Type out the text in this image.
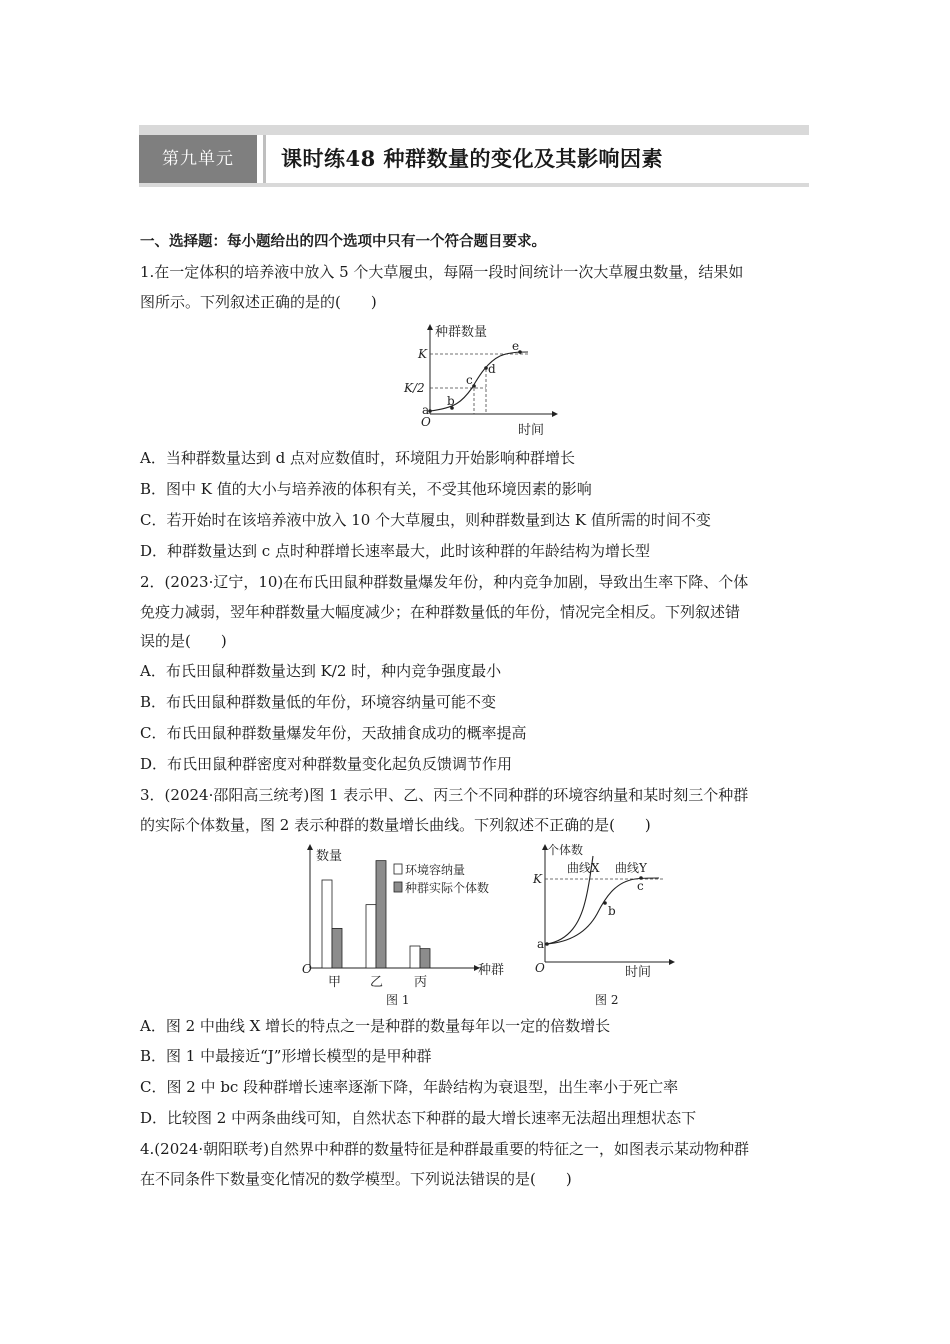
第九单元	课时练48 种群数量的变化及其影响因素
一、选择题：每小题给出的四个选项中只有一个符合题目要求。
1.在一定体积的培养液中放入 5 个大草履虫，每隔一段时间统计一次大草履虫数量，结果如
图所示。下列叙述正确的是的(　　)
种群数量
时间
O
K
K/2
a
b
c
d
e
A．当种群数量达到 d 点对应数值时，环境阻力开始影响种群增长
B．图中 K 值的大小与培养液的体积有关，不受其他环境因素的影响
C．若开始时在该培养液中放入 10 个大草履虫，则种群数量到达 K 值所需的时间不变
D．种群数量达到 c 点时种群增长速率最大，此时该种群的年龄结构为增长型
2．(2023·辽宁，10)在布氏田鼠种群数量爆发年份，种内竞争加剧，导致出生率下降、个体
免疫力减弱，翌年种群数量大幅度减少；在种群数量低的年份，情况完全相反。下列叙述错
误的是(　　)
A．布氏田鼠种群数量达到 K/2 时，种内竞争强度最小
B．布氏田鼠种群数量低的年份，环境容纳量可能不变
C．布氏田鼠种群数量爆发年份，天敌捕食成功的概率提高
D．布氏田鼠种群密度对种群数量变化起负反馈调节作用
3．(2024·邵阳高三统考)图 1 表示甲、乙、丙三个不同种群的环境容纳量和某时刻三个种群
的实际个体数量，图 2 表示种群的数量增长曲线。下列叙述不正确的是(　　)
数量
种群
O
环境容纳量
种群实际个体数
甲 乙 丙
图 1
个体数
时间
O
K
曲线X 曲线Y
a
b
c
图 2
A．图 2 中曲线 X 增长的特点之一是种群的数量每年以一定的倍数增长
B．图 1 中最接近“J”形增长模型的是甲种群
C．图 2 中 bc 段种群增长速率逐渐下降，年龄结构为衰退型，出生率小于死亡率
D．比较图 2 中两条曲线可知，自然状态下种群的最大增长速率无法超出理想状态下
4.(2024·朝阳联考)自然界中种群的数量特征是种群最重要的特征之一，如图表示某动物种群
在不同条件下数量变化情况的数学模型。下列说法错误的是(　　)
